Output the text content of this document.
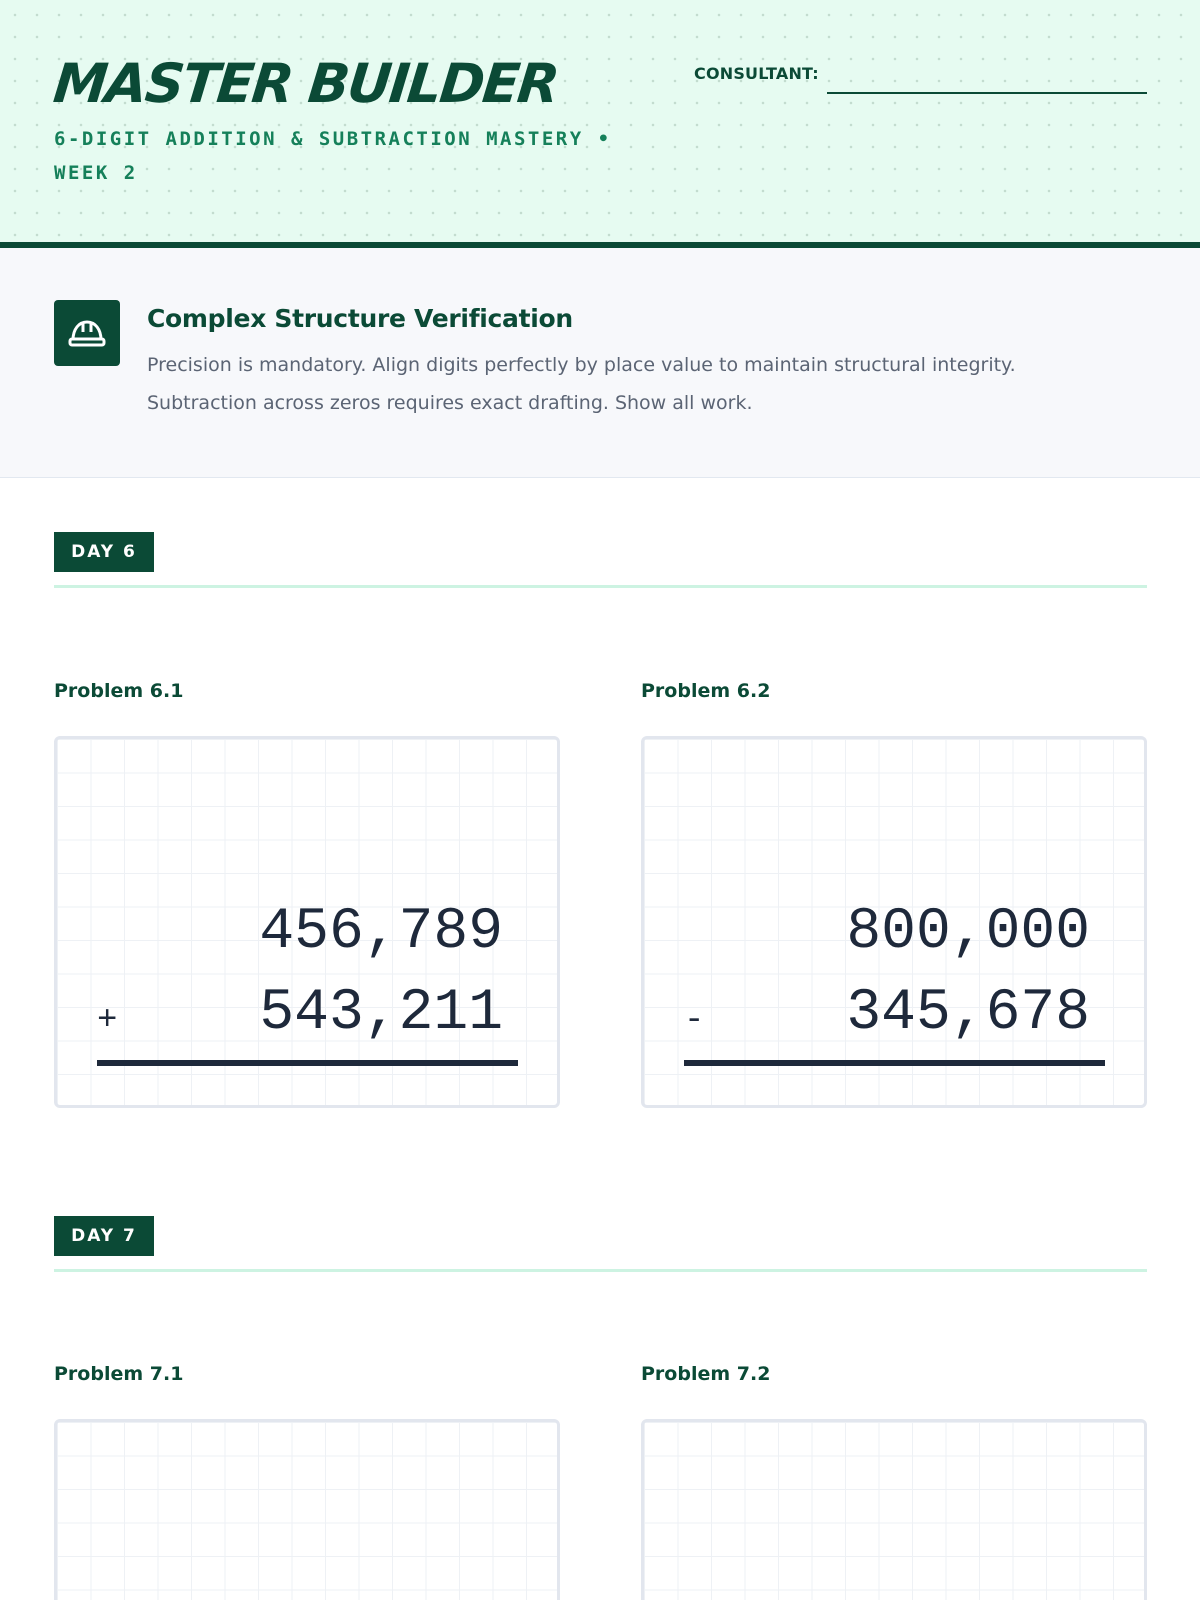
MASTER BUILDER
6-DIGIT ADDITION & SUBTRACTION MASTERY • WEEK 2
CONSULTANT:
Complex Structure Verification
Precision is mandatory. Align digits perfectly by place value to maintain structural integrity. Subtraction across zeros requires exact drafting. Show all work.
DAY 6
Problem 6.1
456,789
+ 543,211
Problem 6.2
800,000
- 345,678
DAY 7
Problem 7.1	Problem 7.2
